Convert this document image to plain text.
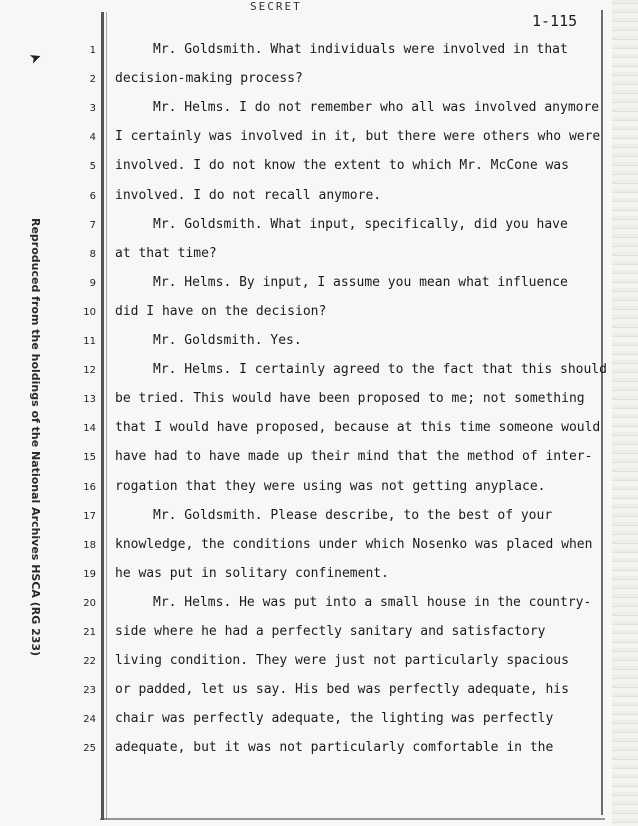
SECRET
1-115
➤
Reproduced from the holdings of the National Archives HSCA (RG 233)
1	Mr. Goldsmith. What individuals were involved in that
2 decision-making process?
3	Mr. Helms. I do not remember who all was involved anymore
4 I certainly was involved in it, but there were others who were
5 involved. I do not know the extent to which Mr. McCone was
6 involved. I do not recall anymore.
7	Mr. Goldsmith. What input, specifically, did you have
8 at that time?
9	Mr. Helms. By input, I assume you mean what influence
10 did I have on the decision?
11	Mr. Goldsmith. Yes.
12	Mr. Helms. I certainly agreed to the fact that this should
13 be tried. This would have been proposed to me; not something
14 that I would have proposed, because at this time someone would
15 have had to have made up their mind that the method of inter-
16 rogation that they were using was not getting anyplace.
17	Mr. Goldsmith. Please describe, to the best of your
18 knowledge, the conditions under which Nosenko was placed when
19 he was put in solitary confinement.
20	Mr. Helms. He was put into a small house in the country-
21 side where he had a perfectly sanitary and satisfactory
22 living condition. They were just not particularly spacious
23 or padded, let us say. His bed was perfectly adequate, his
24 chair was perfectly adequate, the lighting was perfectly
25 adequate, but it was not particularly comfortable in the
